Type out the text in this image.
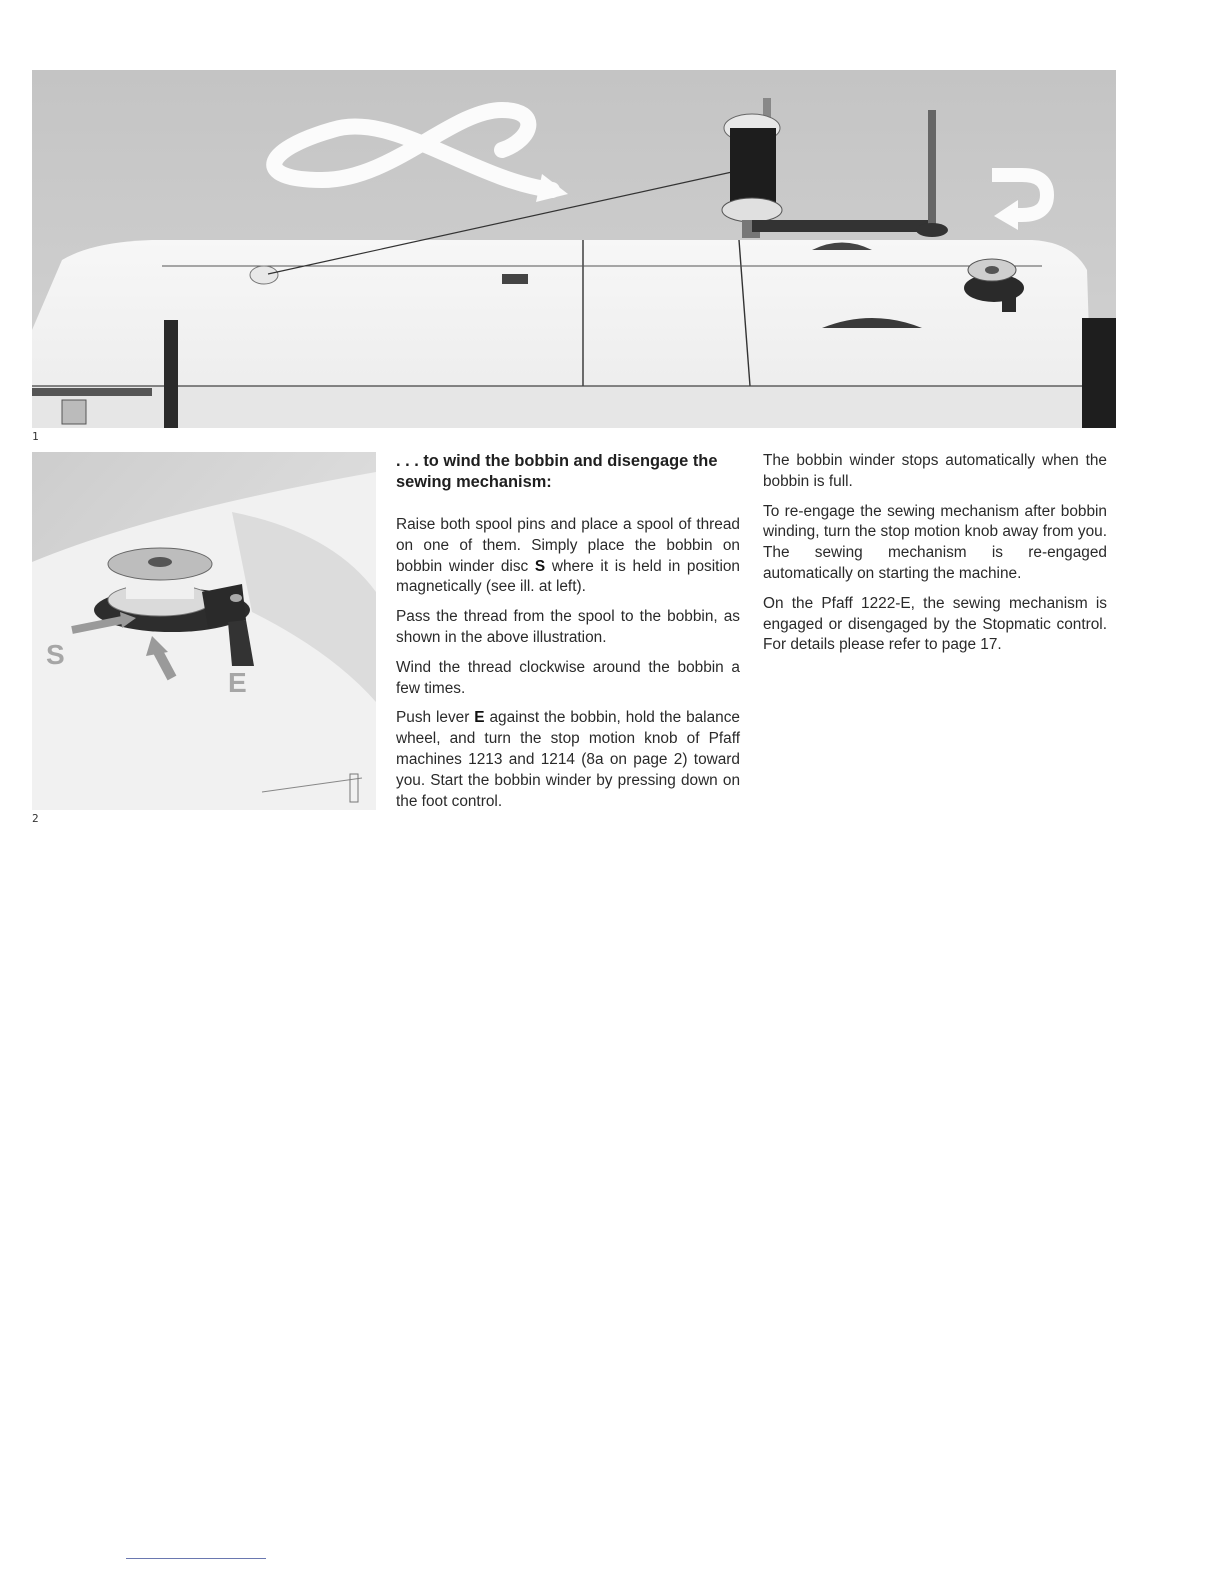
1
S
E
2
. . . to wind the bobbin and disengage the sewing mechanism:

Raise both spool pins and place a spool of thread on one of them. Simply place the bobbin on bobbin winder disc S where it is held in position magnetically (see ill. at left).

Pass the thread from the spool to the bobbin, as shown in the above illustration.

Wind the thread clockwise around the bobbin a few times.

Push lever E against the bobbin, hold the balance wheel, and turn the stop motion knob of Pfaff machines 1213 and 1214 (8a on page 2) toward you. Start the bobbin winder by pressing down on the foot control.

The bobbin winder stops automatically when the bobbin is full.

To re-engage the sewing mechanism after bobbin winding, turn the stop motion knob away from you. The sewing mechanism is re-engaged automatically on starting the machine.

On the Pfaff 1222-E, the sewing mechanism is engaged or disengaged by the Stopmatic control. For details please refer to page 17.
